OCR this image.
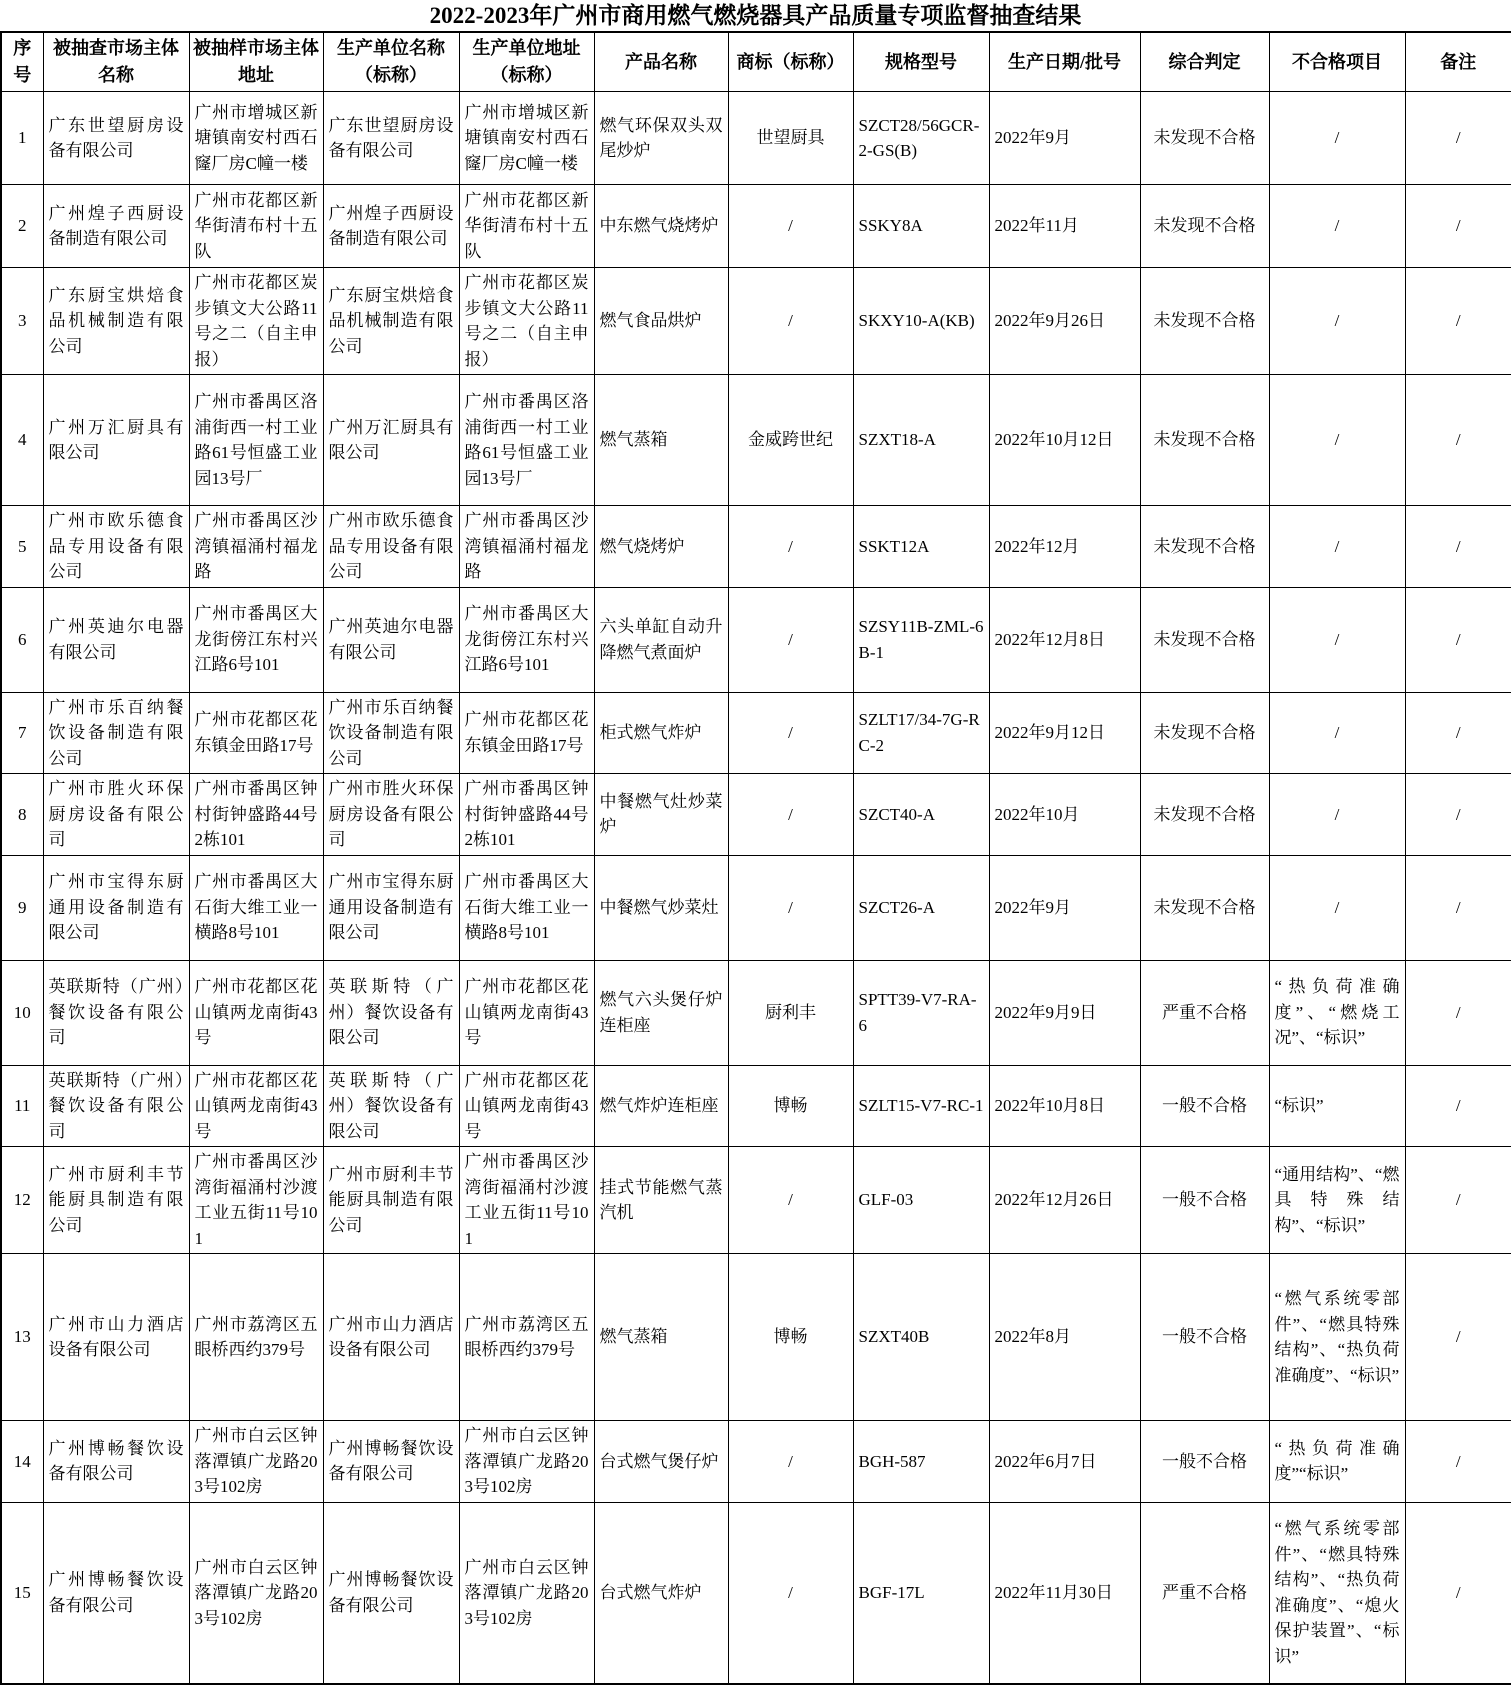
2022-2023年广州市商用燃气燃烧器具产品质量专项监督抽查结果
序号	被抽查市场主体名称	被抽样市场主体地址	生产单位名称（标称）	生产单位地址（标称）	产品名称	商标（标称）	规格型号	生产日期/批号	综合判定	不合格项目	备注
1	广东世望厨房设备有限公司	广州市增城区新塘镇南安村西石窿厂房C幢一楼	广东世望厨房设备有限公司	广州市增城区新塘镇南安村西石窿厂房C幢一楼	燃气环保双头双尾炒炉	世望厨具	SZCT28/56GCR-2-GS(B)	2022年9月	未发现不合格	/	/
2	广州煌子西厨设备制造有限公司	广州市花都区新华街清布村十五队	广州煌子西厨设备制造有限公司	广州市花都区新华街清布村十五队	中东燃气烧烤炉	/	SSKY8A	2022年11月	未发现不合格	/	/
3	广东厨宝烘焙食品机械制造有限公司	广州市花都区炭步镇文大公路11号之二（自主申报）	广东厨宝烘焙食品机械制造有限公司	广州市花都区炭步镇文大公路11号之二（自主申报）	燃气食品烘炉	/	SKXY10-A(KB)	2022年9月26日	未发现不合格	/	/
4	广州万汇厨具有限公司	广州市番禺区洛浦街西一村工业路61号恒盛工业园13号厂	广州万汇厨具有限公司	广州市番禺区洛浦街西一村工业路61号恒盛工业园13号厂	燃气蒸箱	金威跨世纪	SZXT18-A	2022年10月12日	未发现不合格	/	/
5	广州市欧乐德食品专用设备有限公司	广州市番禺区沙湾镇福涌村福龙路	广州市欧乐德食品专用设备有限公司	广州市番禺区沙湾镇福涌村福龙路	燃气烧烤炉	/	SSKT12A	2022年12月	未发现不合格	/	/
6	广州英迪尔电器有限公司	广州市番禺区大龙街傍江东村兴江路6号101	广州英迪尔电器有限公司	广州市番禺区大龙街傍江东村兴江路6号101	六头单缸自动升降燃气煮面炉	/	SZSY11B-ZML-6B-1	2022年12月8日	未发现不合格	/	/
7	广州市乐百纳餐饮设备制造有限公司	广州市花都区花东镇金田路17号	广州市乐百纳餐饮设备制造有限公司	广州市花都区花东镇金田路17号	柜式燃气炸炉	/	SZLT17/34-7G-RC-2	2022年9月12日	未发现不合格	/	/
8	广州市胜火环保厨房设备有限公司	广州市番禺区钟村街钟盛路44号2栋101	广州市胜火环保厨房设备有限公司	广州市番禺区钟村街钟盛路44号2栋101	中餐燃气灶炒菜炉	/	SZCT40-A	2022年10月	未发现不合格	/	/
9	广州市宝得东厨通用设备制造有限公司	广州市番禺区大石街大维工业一横路8号101	广州市宝得东厨通用设备制造有限公司	广州市番禺区大石街大维工业一横路8号101	中餐燃气炒菜灶	/	SZCT26-A	2022年9月	未发现不合格	/	/
10	英联斯特（广州）餐饮设备有限公司	广州市花都区花山镇两龙南街43号	英联斯特（广州）餐饮设备有限公司	广州市花都区花山镇两龙南街43号	燃气六头煲仔炉连柜座	厨利丰	SPTT39-V7-RA-6	2022年9月9日	严重不合格	“热负荷准确度”、“燃烧工况”、“标识”	/
11	英联斯特（广州）餐饮设备有限公司	广州市花都区花山镇两龙南街43号	英联斯特（广州）餐饮设备有限公司	广州市花都区花山镇两龙南街43号	燃气炸炉连柜座	博畅	SZLT15-V7-RC-1	2022年10月8日	一般不合格	“标识”	/
12	广州市厨利丰节能厨具制造有限公司	广州市番禺区沙湾街福涌村沙渡工业五街11号101	广州市厨利丰节能厨具制造有限公司	广州市番禺区沙湾街福涌村沙渡工业五街11号101	挂式节能燃气蒸汽机	/	GLF-03	2022年12月26日	一般不合格	“通用结构”、“燃具特殊结构”、“标识”	/
13	广州市山力酒店设备有限公司	广州市荔湾区五眼桥西约379号	广州市山力酒店设备有限公司	广州市荔湾区五眼桥西约379号	燃气蒸箱	博畅	SZXT40B	2022年8月	一般不合格	“燃气系统零部件”、“燃具特殊结构”、“热负荷准确度”、“标识”	/
14	广州博畅餐饮设备有限公司	广州市白云区钟落潭镇广龙路203号102房	广州博畅餐饮设备有限公司	广州市白云区钟落潭镇广龙路203号102房	台式燃气煲仔炉	/	BGH-587	2022年6月7日	一般不合格	“热负荷准确度”“标识”	/
15	广州博畅餐饮设备有限公司	广州市白云区钟落潭镇广龙路203号102房	广州博畅餐饮设备有限公司	广州市白云区钟落潭镇广龙路203号102房	台式燃气炸炉	/	BGF-17L	2022年11月30日	严重不合格	“燃气系统零部件”、“燃具特殊结构”、“热负荷准确度”、“熄火保护装置”、“标识”	/
